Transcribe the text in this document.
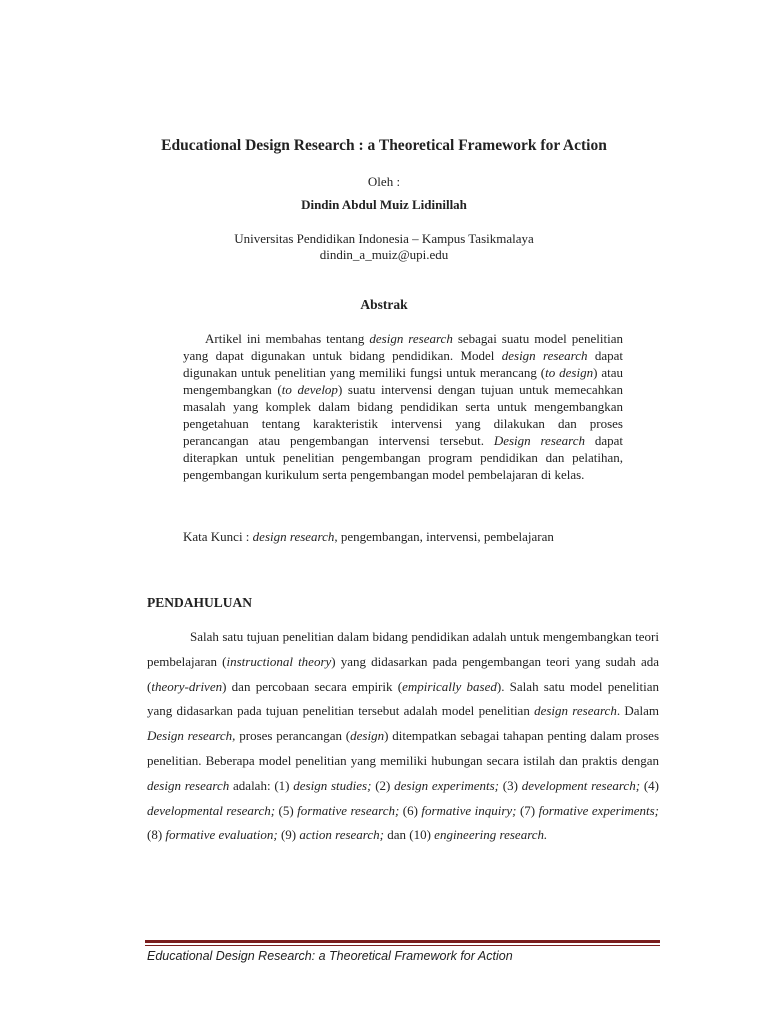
Educational Design Research : a Theoretical Framework for Action
Oleh :
Dindin Abdul Muiz Lidinillah
Universitas Pendidikan Indonesia – Kampus Tasikmalaya
dindin_a_muiz@upi.edu
Abstrak

Artikel ini membahas tentang design research sebagai suatu model penelitian yang dapat digunakan untuk bidang pendidikan. Model design research dapat digunakan untuk penelitian yang memiliki fungsi untuk merancang (to design) atau mengembangkan (to develop) suatu intervensi dengan tujuan untuk memecahkan masalah yang komplek dalam bidang pendidikan serta untuk mengembangkan pengetahuan tentang karakteristik intervensi yang dilakukan dan proses perancangan atau pengembangan intervensi tersebut. Design research dapat diterapkan untuk penelitian pengembangan program pendidikan dan pelatihan, pengembangan kurikulum serta pengembangan model pembelajaran di kelas.

Kata Kunci : design research, pengembangan, intervensi, pembelajaran
PENDAHULUAN

Salah satu tujuan penelitian dalam bidang pendidikan adalah untuk mengembangkan teori pembelajaran (instructional theory) yang didasarkan pada pengembangan teori yang sudah ada (theory-driven) dan percobaan secara empirik (empirically based). Salah satu model penelitian yang didasarkan pada tujuan penelitian tersebut adalah model penelitian design research. Dalam Design research, proses perancangan (design) ditempatkan sebagai tahapan penting dalam proses penelitian. Beberapa model penelitian yang memiliki hubungan secara istilah dan praktis dengan design research adalah: (1) design studies; (2) design experiments; (3) development research; (4) developmental research; (5) formative research; (6) formative inquiry; (7) formative experiments; (8) formative evaluation; (9) action research; dan (10) engineering research.

Educational Design Research: a Theoretical Framework for Action
